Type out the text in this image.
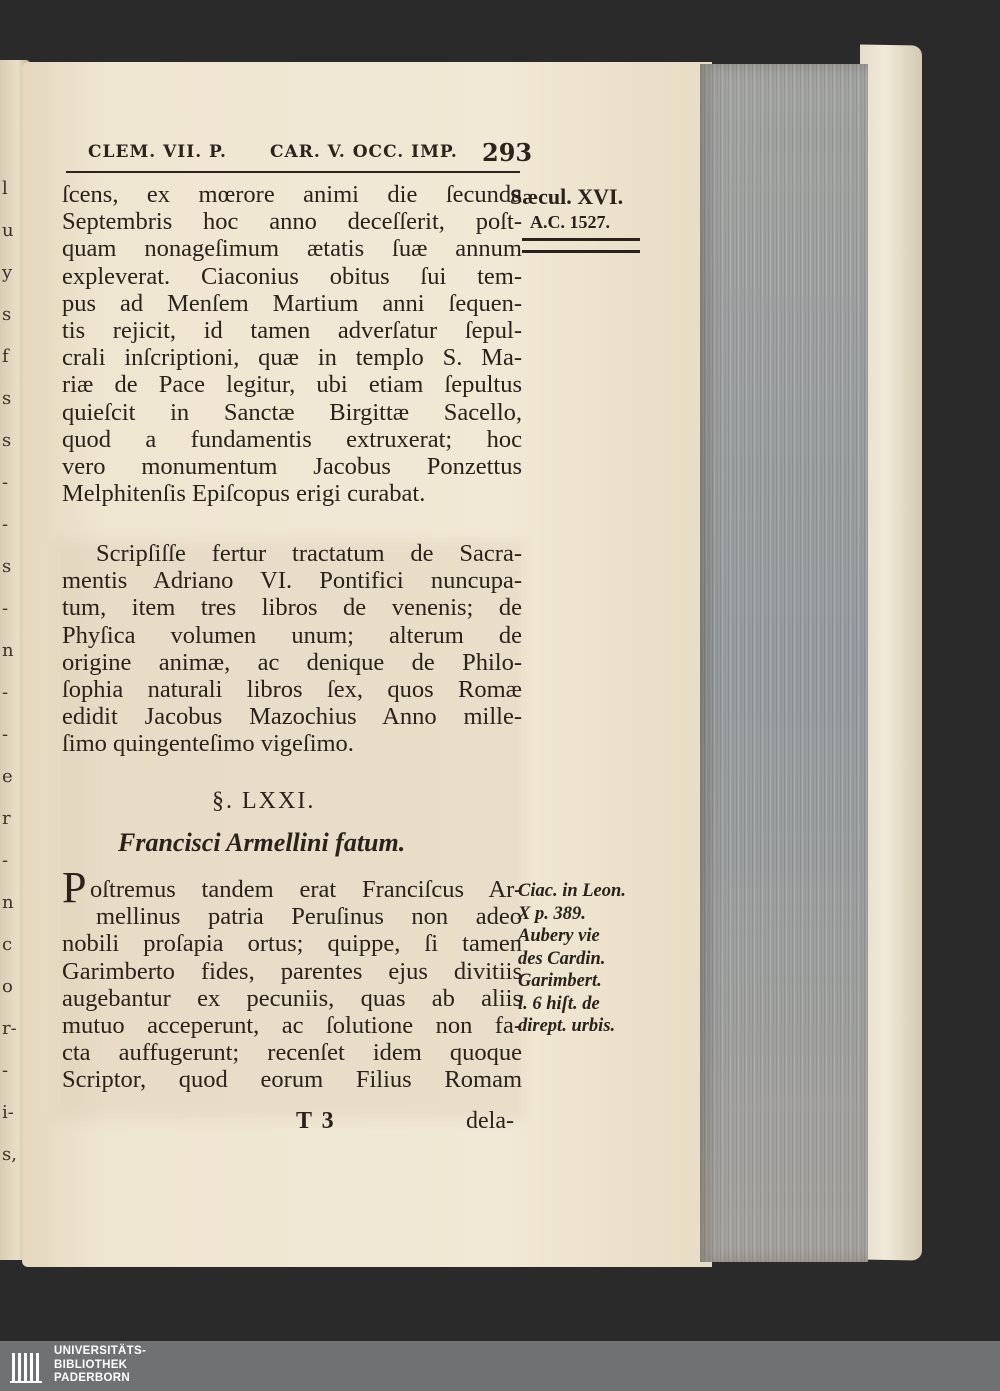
l
u
y
s
f
s
s
-
-
s
-
n
-
-
e
r
-
n
c
o
r-
-
i-
s,
CLEM. VII. P.	CAR. V. OCC. IMP. 293
Sæcul. XVI.
A.C. 1527.
ſcens, ex mœrore animi die ſecunda
Septembris hoc anno deceſſerit, poſt-
quam nonageſimum ætatis ſuæ annum
expleverat. Ciaconius obitus ſui tem-
pus ad Menſem Martium anni ſequen-
tis rejicit, id tamen adverſatur ſepul-
crali inſcriptioni, quæ in templo S. Ma-
riæ de Pace legitur, ubi etiam ſepultus
quieſcit in Sanctæ Birgittæ Sacello,
quod a fundamentis extruxerat; hoc
vero monumentum Jacobus Ponzettus
Melphitenſis Epiſcopus erigi curabat.
Scripſiſſe fertur tractatum de Sacra-
mentis Adriano VI. Pontifici nuncupa-
tum, item tres libros de venenis; de
Phyſica volumen unum; alterum de
origine animæ, ac denique de Philo-
ſophia naturali libros ſex, quos Romæ
edidit Jacobus Mazochius Anno mille-
ſimo quingenteſimo vigeſimo.
§. LXXI.
Francisci Armellini fatum.
P oſtremus tandem erat Franciſcus Ar-
mellinus patria Peruſinus non adeo
nobili proſapia ortus; quippe, ſi tamen
Garimberto fides, parentes ejus divitiis
augebantur ex pecuniis, quas ab aliis
mutuo acceperunt, ac ſolutione non fa-
cta auffugerunt; recenſet idem quoque
Scriptor, quod eorum Filius Romam
Ciac. in Leon.
X p. 389.
Aubery vie
des Cardin.
Garimbert.
l. 6 hiſt. de
dirept. urbis.
T 3	dela-
UNIVERSITÄTS-
BIBLIOTHEK
PADERBORN
